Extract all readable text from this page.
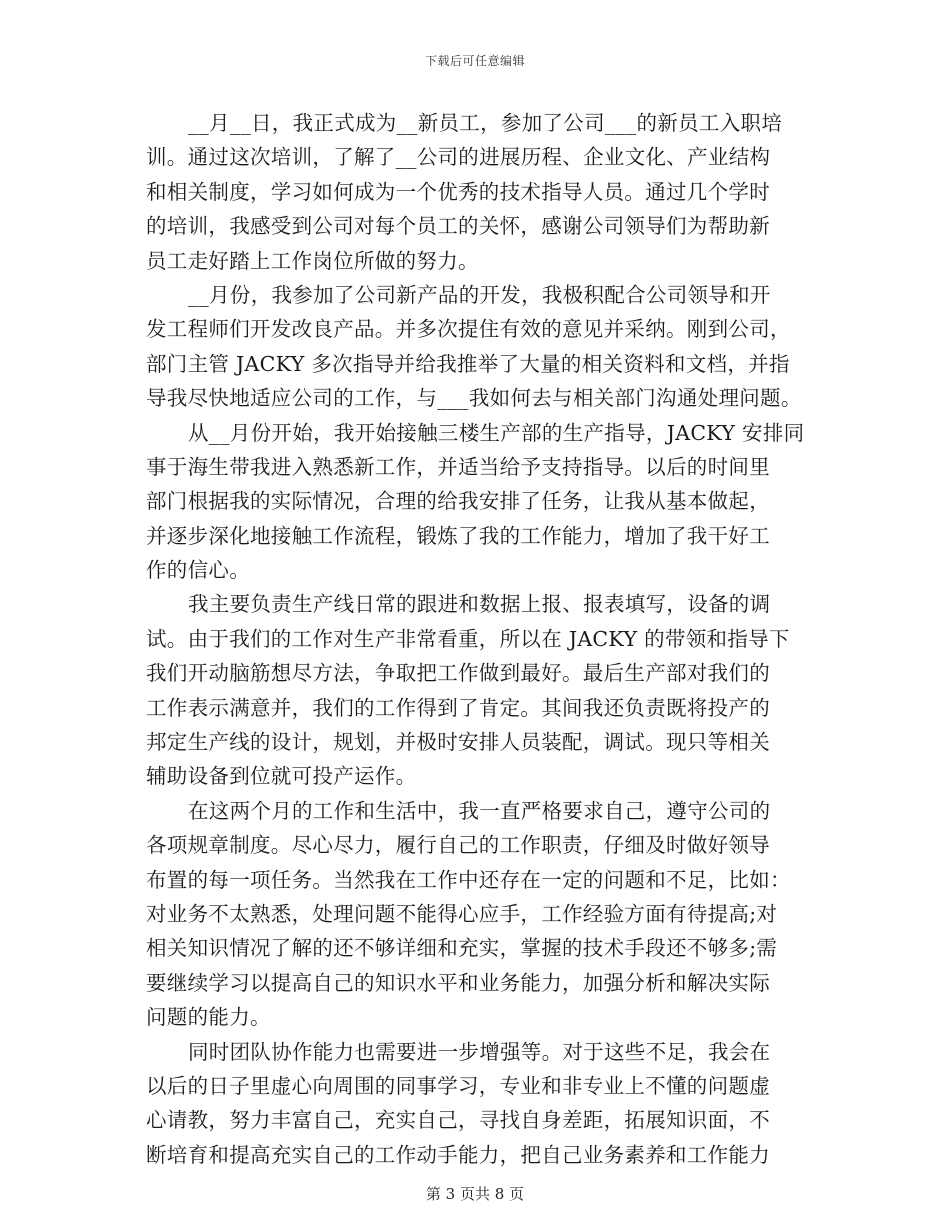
下载后可任意编辑
__月__日，我正式成为__新员工，参加了公司___的新员工入职培
训。通过这次培训，了解了__公司的进展历程、企业文化、产业结构
和相关制度，学习如何成为一个优秀的技术指导人员。通过几个学时
的培训，我感受到公司对每个员工的关怀，感谢公司领导们为帮助新
员工走好踏上工作岗位所做的努力。
__月份，我参加了公司新产品的开发，我极积配合公司领导和开
发工程师们开发改良产品。并多次提住有效的意见并采纳。刚到公司，
部门主管 JACKY 多次指导并给我推举了大量的相关资料和文档，并指
导我尽快地适应公司的工作，与___我如何去与相关部门沟通处理问题。
从__月份开始，我开始接触三楼生产部的生产指导，JACKY 安排同
事于海生带我进入熟悉新工作，并适当给予支持指导。以后的时间里
部门根据我的实际情况，合理的给我安排了任务，让我从基本做起，
并逐步深化地接触工作流程，锻炼了我的工作能力，增加了我干好工
作的信心。
我主要负责生产线日常的跟进和数据上报、报表填写，设备的调
试。由于我们的工作对生产非常看重，所以在 JACKY 的带领和指导下
我们开动脑筋想尽方法，争取把工作做到最好。最后生产部对我们的
工作表示满意并，我们的工作得到了肯定。其间我还负责既将投产的
邦定生产线的设计，规划，并极时安排人员装配，调试。现只等相关
辅助设备到位就可投产运作。
在这两个月的工作和生活中，我一直严格要求自己，遵守公司的
各项规章制度。尽心尽力，履行自己的工作职责，仔细及时做好领导
布置的每一项任务。当然我在工作中还存在一定的问题和不足，比如：
对业务不太熟悉，处理问题不能得心应手，工作经验方面有待提高;对
相关知识情况了解的还不够详细和充实，掌握的技术手段还不够多;需
要继续学习以提高自己的知识水平和业务能力，加强分析和解决实际
问题的能力。
同时团队协作能力也需要进一步增强等。对于这些不足，我会在
以后的日子里虚心向周围的同事学习，专业和非专业上不懂的问题虚
心请教，努力丰富自己，充实自己，寻找自身差距，拓展知识面，不
断培育和提高充实自己的工作动手能力，把自己业务素养和工作能力
第 3 页共 8 页
